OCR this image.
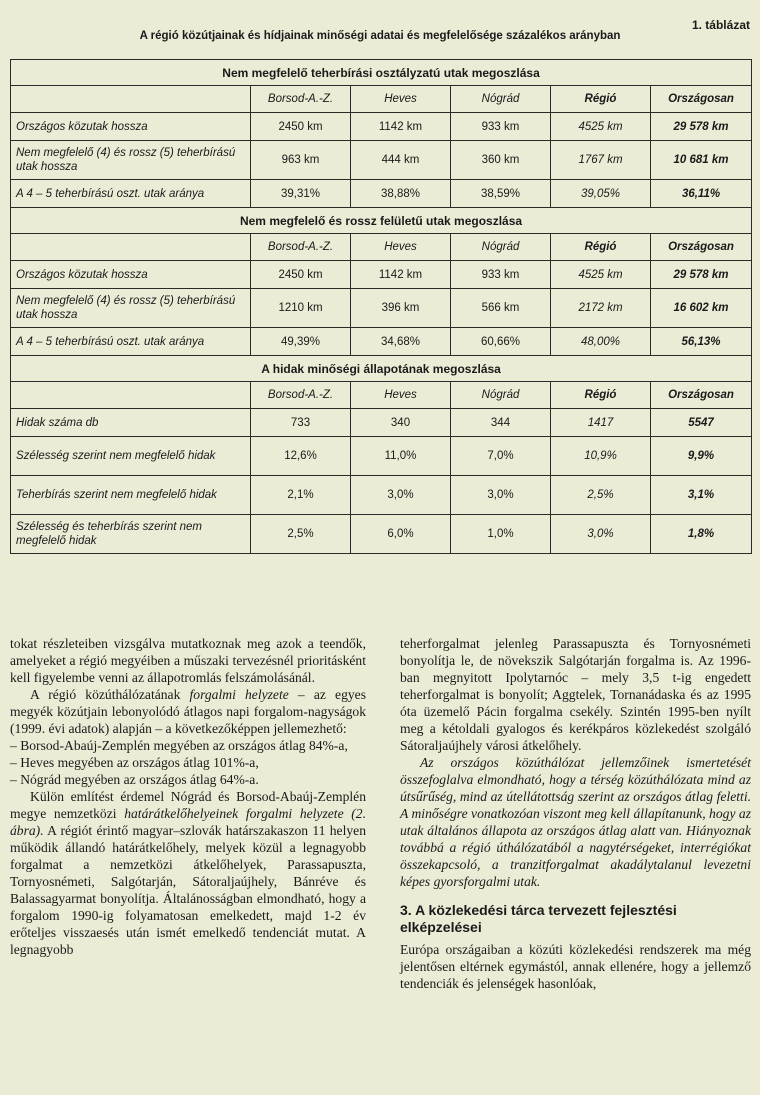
1. táblázat
A régió közútjainak és hídjainak minőségi adatai és megfelelősége százalékos arányban
Nem megfelelő teherbírási osztályzatú utak megoszlása					
	Borsod-A.-Z.	Heves	Nógrád	Régió	Országosan
Országos közutak hossza	2450 km	1142 km	933 km	4525 km	29 578 km
Nem megfelelő (4) és rossz (5) teherbírású utak hossza	963 km	444 km	360 km	1767 km	10 681 km
A 4 – 5 teherbírású oszt. utak aránya	39,31%	38,88%	38,59%	39,05%	36,11%
Nem megfelelő és rossz felületű utak megoszlása					
	Borsod-A.-Z.	Heves	Nógrád	Régió	Országosan
Országos közutak hossza	2450 km	1142 km	933 km	4525 km	29 578 km
Nem megfelelő (4) és rossz (5) teherbírású utak hossza	1210 km	396 km	566 km	2172 km	16 602 km
A 4 – 5 teherbírású oszt. utak aránya	49,39%	34,68%	60,66%	48,00%	56,13%
A hidak minőségi állapotának megoszlása					
	Borsod-A.-Z.	Heves	Nógrád	Régió	Országosan
Hidak száma db	733	340	344	1417	5547
Szélesség szerint nem megfelelő hidak	12,6%	11,0%	7,0%	10,9%	9,9%
Teherbírás szerint nem megfelelő hidak	2,1%	3,0%	3,0%	2,5%	3,1%
Szélesség és teherbírás szerint nem megfelelő hidak	2,5%	6,0%	1,0%	3,0%	1,8%

tokat részleteiben vizsgálva mutatkoznak meg azok a teendők, amelyeket a régió megyéiben a műszaki tervezésnél prioritásként kell figyelembe venni az állapotromlás felszámolásánál.

A régió közúthálózatának forgalmi helyzete – az egyes megyék közútjain lebonyolódó átlagos napi forgalom-nagyságok (1999. évi adatok) alapján – a következőképpen jellemezhető:

– Borsod-Abaúj-Zemplén megyében az országos átlag 84%-a,
– Heves megyében az országos átlag 101%-a,
– Nógrád megyében az országos átlag 64%-a.

Külön említést érdemel Nógrád és Borsod-Abaúj-Zemplén megye nemzetközi határátkelőhelyeinek forgalmi helyzete (2. ábra). A régiót érintő magyar–szlovák határszakaszon 11 helyen működik állandó határátkelőhely, melyek közül a legnagyobb forgalmat a nemzetközi átkelőhelyek, Parassapuszta, Tornyosnémeti, Salgótarján, Sátoraljaújhely, Bánréve és Balassagyarmat bonyolítja. Általánosságban elmondható, hogy a forgalom 1990-ig folyamatosan emelkedett, majd 1-2 év erőteljes visszaesés után ismét emelkedő tendenciát mutat. A legnagyobb

teherforgalmat jelenleg Parassapuszta és Tornyosnémeti bonyolítja le, de növekszik Salgótarján forgalma is. Az 1996-ban megnyitott Ipolytarnóc – mely 3,5 t-ig engedett teherforgalmat is bonyolít; Aggtelek, Tornanádaska és az 1995 óta üzemelő Pácin forgalma csekély. Szintén 1995-ben nyílt meg a kétoldali gyalogos és kerékpáros közlekedést szolgáló Sátoraljaújhely városi átkelőhely.

Az országos közúthálózat jellemzőinek ismertetését összefoglalva elmondható, hogy a térség közúthálózata mind az útsűrűség, mind az útellátottság szerint az országos átlag feletti. A minőségre vonatkozóan viszont meg kell állapítanunk, hogy az utak általános állapota az országos átlag alatt van. Hiányoznak továbbá a régió úthálózatából a nagytérségeket, interrégiókat összekapcsoló, a tranzitforgalmat akadálytalanul levezetni képes gyorsforgalmi utak.

3. A közlekedési tárca tervezett fejlesztési elképzelései

Európa országaiban a közúti közlekedési rendszerek ma még jelentősen eltérnek egymástól, annak ellenére, hogy a jellemző tendenciák és jelenségek hasonlóak,
